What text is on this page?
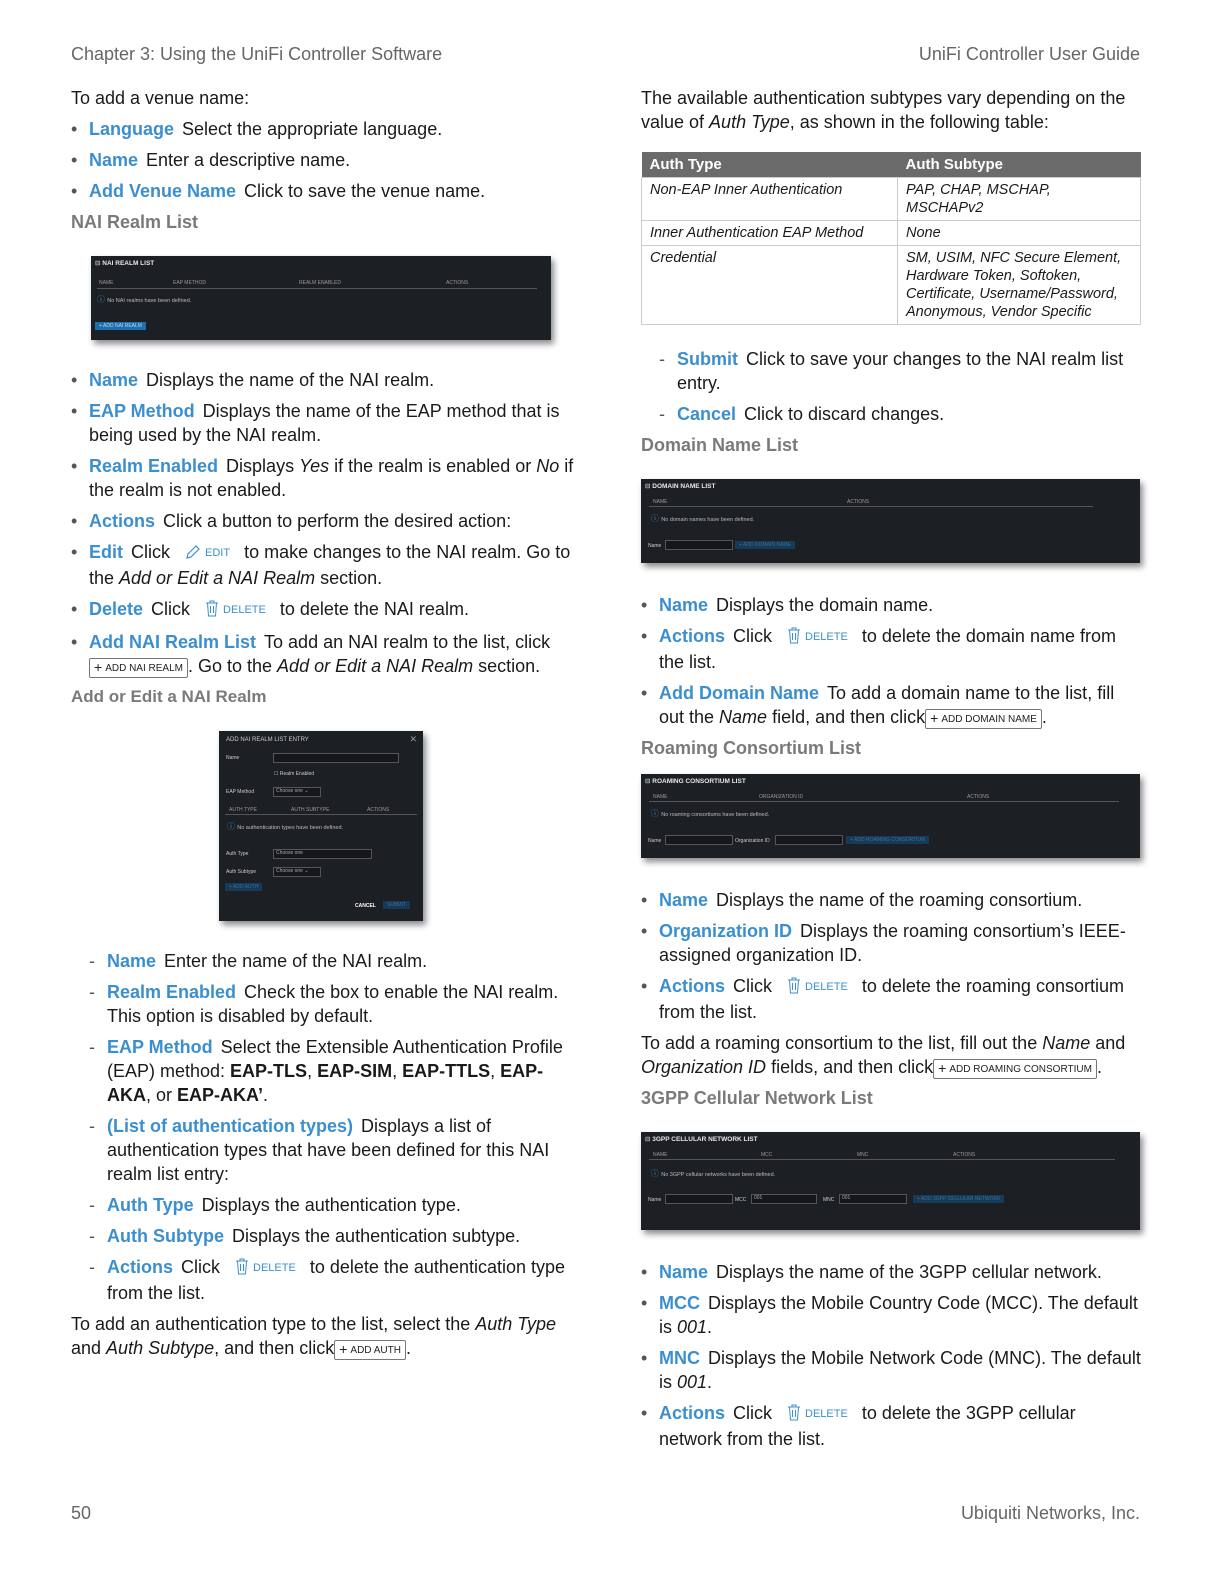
Chapter 3: Using the UniFi Controller Software	UniFi Controller User Guide

To add a venue name:

• Language Select the appropriate language.
• Name Enter a descriptive name.
• Add Venue Name Click to save the venue name.
NAI Realm List
⊟ NAI REALM LIST
NAME	EAP METHOD	REALM ENABLED	ACTIONS
ⓘ No NAI realms have been defined.
+ ADD NAI REALM
• Name Displays the name of the NAI realm.
• EAP Method Displays the name of the EAP method that is being used by the NAI realm.
• Realm Enabled Displays Yes if the realm is enabled or No if the realm is not enabled.
• Actions Click a button to perform the desired action:
• Edit Click	EDIT to make changes to the NAI realm. Go to the Add or Edit a NAI Realm section.
• Delete Click	DELETE to delete the NAI realm.
• Add NAI Realm List To add an NAI realm to the list, click+ ADD NAI REALM . Go to the Add or Edit a NAI Realm section.
Add or Edit a NAI Realm
ADD NAI REALM LIST ENTRY	✕
Name
☐ Realm Enabled
EAP Method	Choose one ⌄
AUTH TYPE	AUTH SUBTYPE	ACTIONS
ⓘ No authentication types have been defined.
Auth Type	Choose one
Auth Subtype	Choose one ⌄
+ ADD AUTH
CANCEL	SUBMIT
- Name Enter the name of the NAI realm.
- Realm Enabled Check the box to enable the NAI realm. This option is disabled by default.
- EAP Method Select the Extensible Authentication Profile (EAP) method: EAP-TLS, EAP-SIM, EAP-TTLS, EAP-AKA, or EAP-AKA’.
- (List of authentication types) Displays a list of authentication types that have been defined for this NAI realm list entry:
- Auth Type Displays the authentication type.
- Auth Subtype Displays the authentication subtype.
- Actions Click	DELETE to delete the authentication type from the list.

To add an authentication type to the list, select the Auth Type and Auth Subtype, and then click + ADD AUTH .

The available authentication subtypes vary depending on the value of Auth Type, as shown in the following table:

Auth Type	Auth Subtype
Non-EAP Inner Authentication	PAP, CHAP, MSCHAP, MSCHAPv2
Inner Authentication EAP Method	None
Credential	SM, USIM, NFC Secure Element, Hardware Token, Softoken, Certificate, Username/Password, Anonymous, Vendor Specific
- Submit Click to save your changes to the NAI realm list entry.
- Cancel Click to discard changes.
Domain Name List
⊟ DOMAIN NAME LIST
NAME	ACTIONS
ⓘ No domain names have been defined.
Name	+ ADD DOMAIN NAME
• Name Displays the domain name.
• Actions Click	DELETE to delete the domain name from the list.
• Add Domain Name To add a domain name to the list, fill out the Name field, and then click + ADD DOMAIN NAME .
Roaming Consortium List
⊟ ROAMING CONSORTIUM LIST
NAME	ORGANIZATION ID	ACTIONS
ⓘ No roaming consortiums have been defined.
Name	Organization ID	+ ADD ROAMING CONSORTIUM
• Name Displays the name of the roaming consortium.
• Organization ID Displays the roaming consortium’s IEEE-assigned organization ID.
• Actions Click	DELETE to delete the roaming consortium from the list.

To add a roaming consortium to the list, fill out the Name and Organization ID fields, and then click + ADD ROAMING CONSORTIUM .

3GPP Cellular Network List
⊟ 3GPP CELLULAR NETWORK LIST
NAME	MCC	MNC	ACTIONS
ⓘ No 3GPP cellular networks have been defined.
Name	MCC	001	MNC	001	+ ADD 3GPP CELLULAR NETWORK
• Name Displays the name of the 3GPP cellular network.
• MCC Displays the Mobile Country Code (MCC). The default is 001.
• MNC Displays the Mobile Network Code (MNC). The default is 001.
• Actions Click	DELETE to delete the 3GPP cellular network from the list.
50	Ubiquiti Networks, Inc.
